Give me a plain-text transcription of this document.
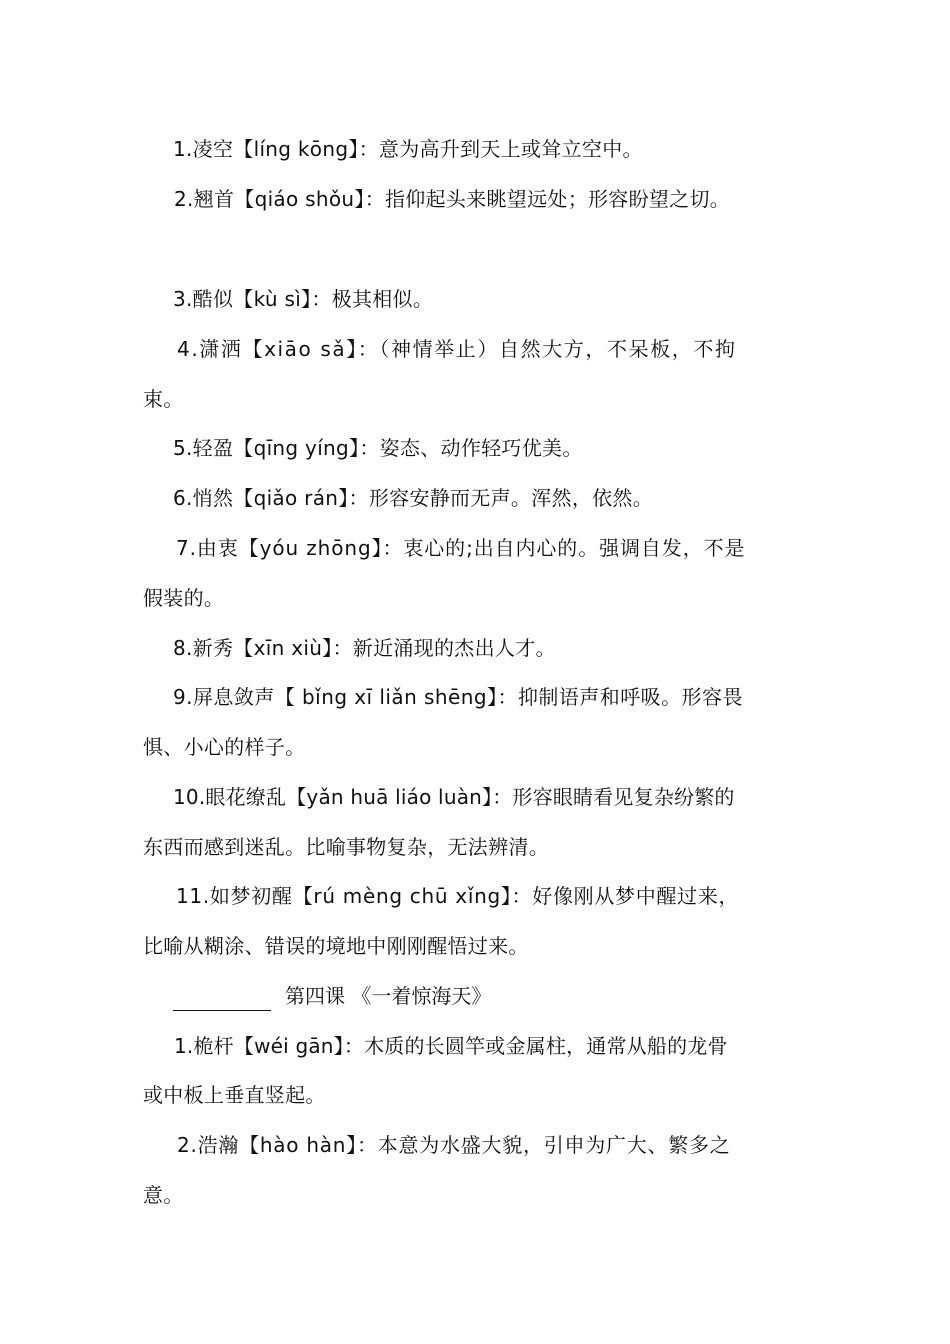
1.凌空【líng kōng】：意为高升到天上或耸立空中。
2.翘首【qiáo shǒu】：指仰起头来眺望远处；形容盼望之切。
3.酷似【kù sì】：极其相似。
4.潇洒【xiāo sǎ】：（神情举止）自然大方，不呆板，不拘
束。
5.轻盈【qīng yíng】：姿态、动作轻巧优美。
6.悄然【qiǎo rán】：形容安静而无声。浑然，依然。
7.由衷【yóu zhōng】：衷心的;出自内心的。强调自发，不是
假装的。
8.新秀【xīn xiù】：新近涌现的杰出人才。
9.屏息敛声【 bǐng xī liǎn shēng】：抑制语声和呼吸。形容畏
惧、小心的样子。
10.眼花缭乱【yǎn huā liáo luàn】：形容眼睛看见复杂纷繁的
东西而感到迷乱。比喻事物复杂，无法辨清。
11.如梦初醒【rú mèng chū xǐng】：好像刚从梦中醒过来，
比喻从糊涂、错误的境地中刚刚醒悟过来。
第四课 《一着惊海天》
1.桅杆【wéi gān】：木质的长圆竿或金属柱，通常从船的龙骨
或中板上垂直竖起。
2.浩瀚【hào hàn】：本意为水盛大貌，引申为广大、繁多之
意。
